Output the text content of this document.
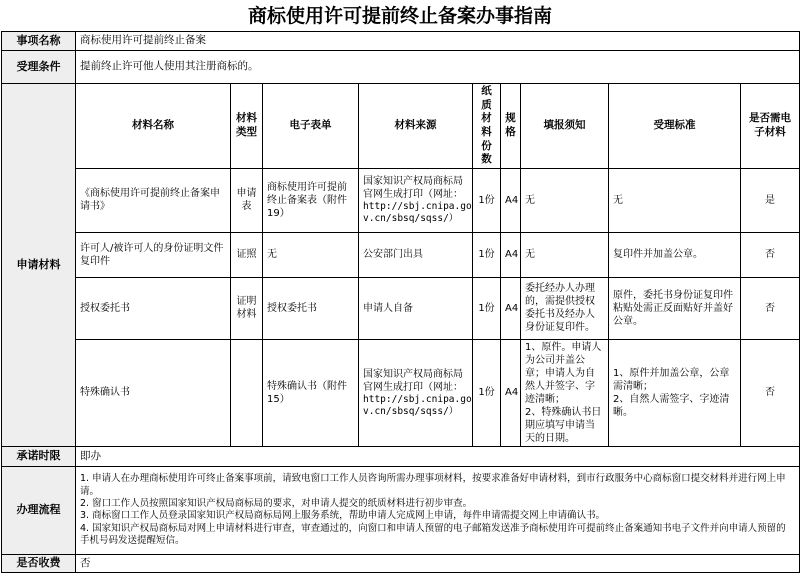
商标使用许可提前终止备案办事指南
事项名称	商标使用许可提前终止备案								
受理条件	提前终止许可他人使用其注册商标的。								
申请材料	材料名称	材料类型	电子表单	材料来源	纸质材料份数	规格	填报须知	受理标准	是否需电子材料
	《商标使用许可提前终止备案申请书》	申请表	商标使用许可提前终止备案表（附件19）	国家知识产权局商标局
官网生成打印（网址：
http://sbj.cnipa.go
v.cn/sbsq/sqss/）	1份	A4	无	无	是
	许可人/被许可人的身份证明文件复印件	证照	无	公安部门出具	1份	A4	无	复印件并加盖公章。	否
	授权委托书	证明材料	授权委托书	申请人自备	1份	A4	委托经办人办理的，需提供授权委托书及经办人身份证复印件。	原件，委托书身份证复印件粘贴处需正反面贴好并盖好公章。	否
	特殊确认书		特殊确认书（附件15）	国家知识产权局商标局
官网生成打印（网址：
http://sbj.cnipa.go
v.cn/sbsq/sqss/）	1份	A4	1、原件。申请人为公司并盖公章；申请人为自然人并签字、字迹清晰；
2、特殊确认书日期应填写申请当天的日期。	1、原件并加盖公章，公章需清晰；
2、自然人需签字、字迹清晰。	否
承诺时限	即办								
办理流程	1. 申请人在办理商标使用许可终止备案事项前，请致电窗口工作人员咨询所需办理事项材料，按要求准备好申请材料，到市行政服务中心商标窗口提交材料并进行网上申请。
2. 窗口工作人员按照国家知识产权局商标局的要求，对申请人提交的纸质材料进行初步审查。
3. 商标窗口工作人员登录国家知识产权局商标局网上服务系统，帮助申请人完成网上申请，每件申请需提交网上申请确认书。
4. 国家知识产权局商标局对网上申请材料进行审查，审查通过的，向窗口和申请人预留的电子邮箱发送准予商标使用许可提前终止备案通知书电子文件并向申请人预留的手机号码发送提醒短信。								

是否收费	否								
